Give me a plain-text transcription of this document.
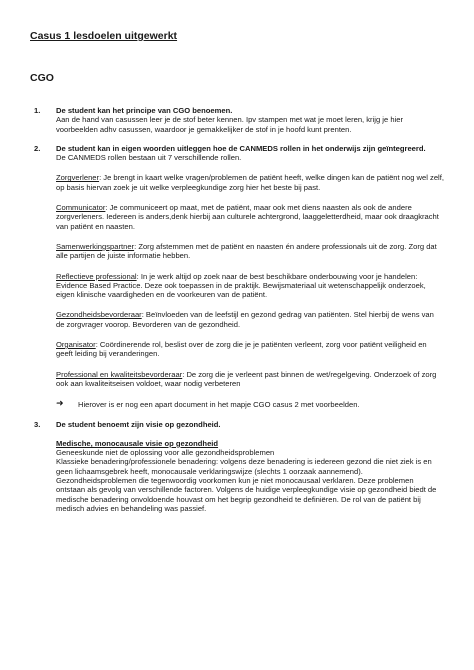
Casus 1 lesdoelen uitgewerkt
CGO
1. De student kan het principe van CGO benoemen.
Aan de hand van casussen leer je de stof beter kennen. Ipv stampen met wat je moet leren, krijg je hier voorbeelden adhv casussen, waardoor je gemakkelijker de stof in je hoofd kunt prenten.
2. De student kan in eigen woorden uitleggen hoe de CANMEDS rollen in het onderwijs zijn geïntegreerd.
De CANMEDS rollen bestaan uit 7 verschillende rollen.
Zorgverlener: Je brengt in kaart welke vragen/problemen de patiënt heeft, welke dingen kan de patiënt nog wel zelf, op basis hiervan zoek je uit welke verpleegkundige zorg hier het beste bij past.
Communicator: Je communiceert op maat, met de patiënt, maar ook met diens naasten als ook de andere zorgverleners. Iedereen is anders,denk hierbij aan culturele achtergrond, laaggeletterdheid, maar ook draagkracht van patiënt en naasten.
Samenwerkingspartner: Zorg afstemmen met de patiënt en naasten én andere professionals uit de zorg. Zorg dat alle partijen de juiste informatie hebben.
Reflectieve professional: In je werk altijd op zoek naar de best beschikbare onderbouwing voor je handelen: Evidence Based Practice. Deze ook toepassen in de praktijk. Bewijsmateriaal uit wetenschappelijk onderzoek, eigen klinische vaardigheden en de voorkeuren van de patiënt.
Gezondheidsbevorderaar: Beïnvloeden van de leefstijl en gezond gedrag van patiënten. Stel hierbij de wens van de zorgvrager voorop. Bevorderen van de gezondheid.
Organisator: Coördinerende rol, beslist over de zorg die je je patiënten verleent, zorg voor patiënt veiligheid en geeft leiding bij veranderingen.
Professional en kwaliteitsbevorderaar: De zorg die je verleent past binnen de wet/regelgeving. Onderzoek of zorg ook aan kwaliteitseisen voldoet, waar nodig verbeteren
➜ Hierover is er nog een apart document in het mapje CGO casus 2 met voorbeelden.
3. De student benoemt zijn visie op gezondheid.
Medische, monocausale visie op gezondheid

Geneeskunde niet de oplossing voor alle gezondheidsproblemen

Klassieke benadering/professionele benadering: volgens deze benadering is iedereen gezond die niet ziek is en geen lichaamsgebrek heeft, monocausale verklaringswijze (slechts 1 oorzaak aannemend).

Gezondheidsproblemen die tegenwoordig voorkomen kun je niet monocausaal verklaren. Deze problemen ontstaan als gevolg van verschillende factoren. Volgens de huidige verpleegkundige visie op gezondheid biedt de medische benadering onvoldoende houvast om het begrip gezondheid te definiëren. De rol van de patiënt bij medisch advies en behandeling was passief.
